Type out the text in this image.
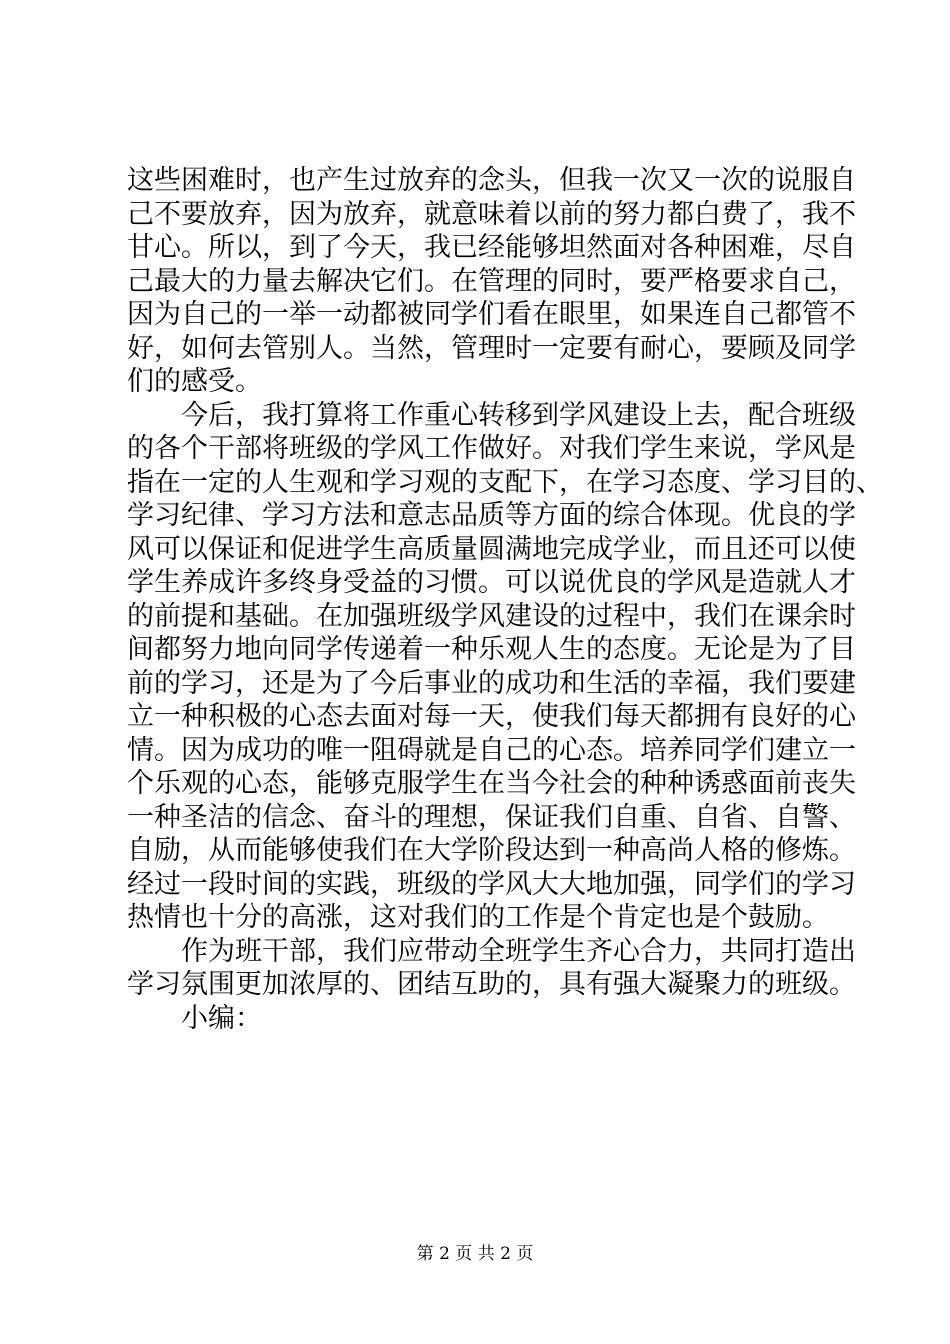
这些困难时，也产生过放弃的念头，但我一次又一次的说服自
己不要放弃，因为放弃，就意味着以前的努力都白费了，我不
甘心。所以，到了今天，我已经能够坦然面对各种困难，尽自
己最大的力量去解决它们。在管理的同时，要严格要求自己，
因为自己的一举一动都被同学们看在眼里，如果连自己都管不
好，如何去管别人。当然，管理时一定要有耐心，要顾及同学
们的感受。
今后，我打算将工作重心转移到学风建设上去，配合班级
的各个干部将班级的学风工作做好。对我们学生来说，学风是
指在一定的人生观和学习观的支配下，在学习态度、学习目的、
学习纪律、学习方法和意志品质等方面的综合体现。优良的学
风可以保证和促进学生高质量圆满地完成学业，而且还可以使
学生养成许多终身受益的习惯。可以说优良的学风是造就人才
的前提和基础。在加强班级学风建设的过程中，我们在课余时
间都努力地向同学传递着一种乐观人生的态度。无论是为了目
前的学习，还是为了今后事业的成功和生活的幸福，我们要建
立一种积极的心态去面对每一天，使我们每天都拥有良好的心
情。因为成功的唯一阻碍就是自己的心态。培养同学们建立一
个乐观的心态，能够克服学生在当今社会的种种诱惑面前丧失
一种圣洁的信念、奋斗的理想，保证我们自重、自省、自警、
自励，从而能够使我们在大学阶段达到一种高尚人格的修炼。
经过一段时间的实践，班级的学风大大地加强，同学们的学习
热情也十分的高涨，这对我们的工作是个肯定也是个鼓励。
作为班干部，我们应带动全班学生齐心合力，共同打造出
学习氛围更加浓厚的、团结互助的，具有强大凝聚力的班级。
小编：
第 2 页 共 2 页
